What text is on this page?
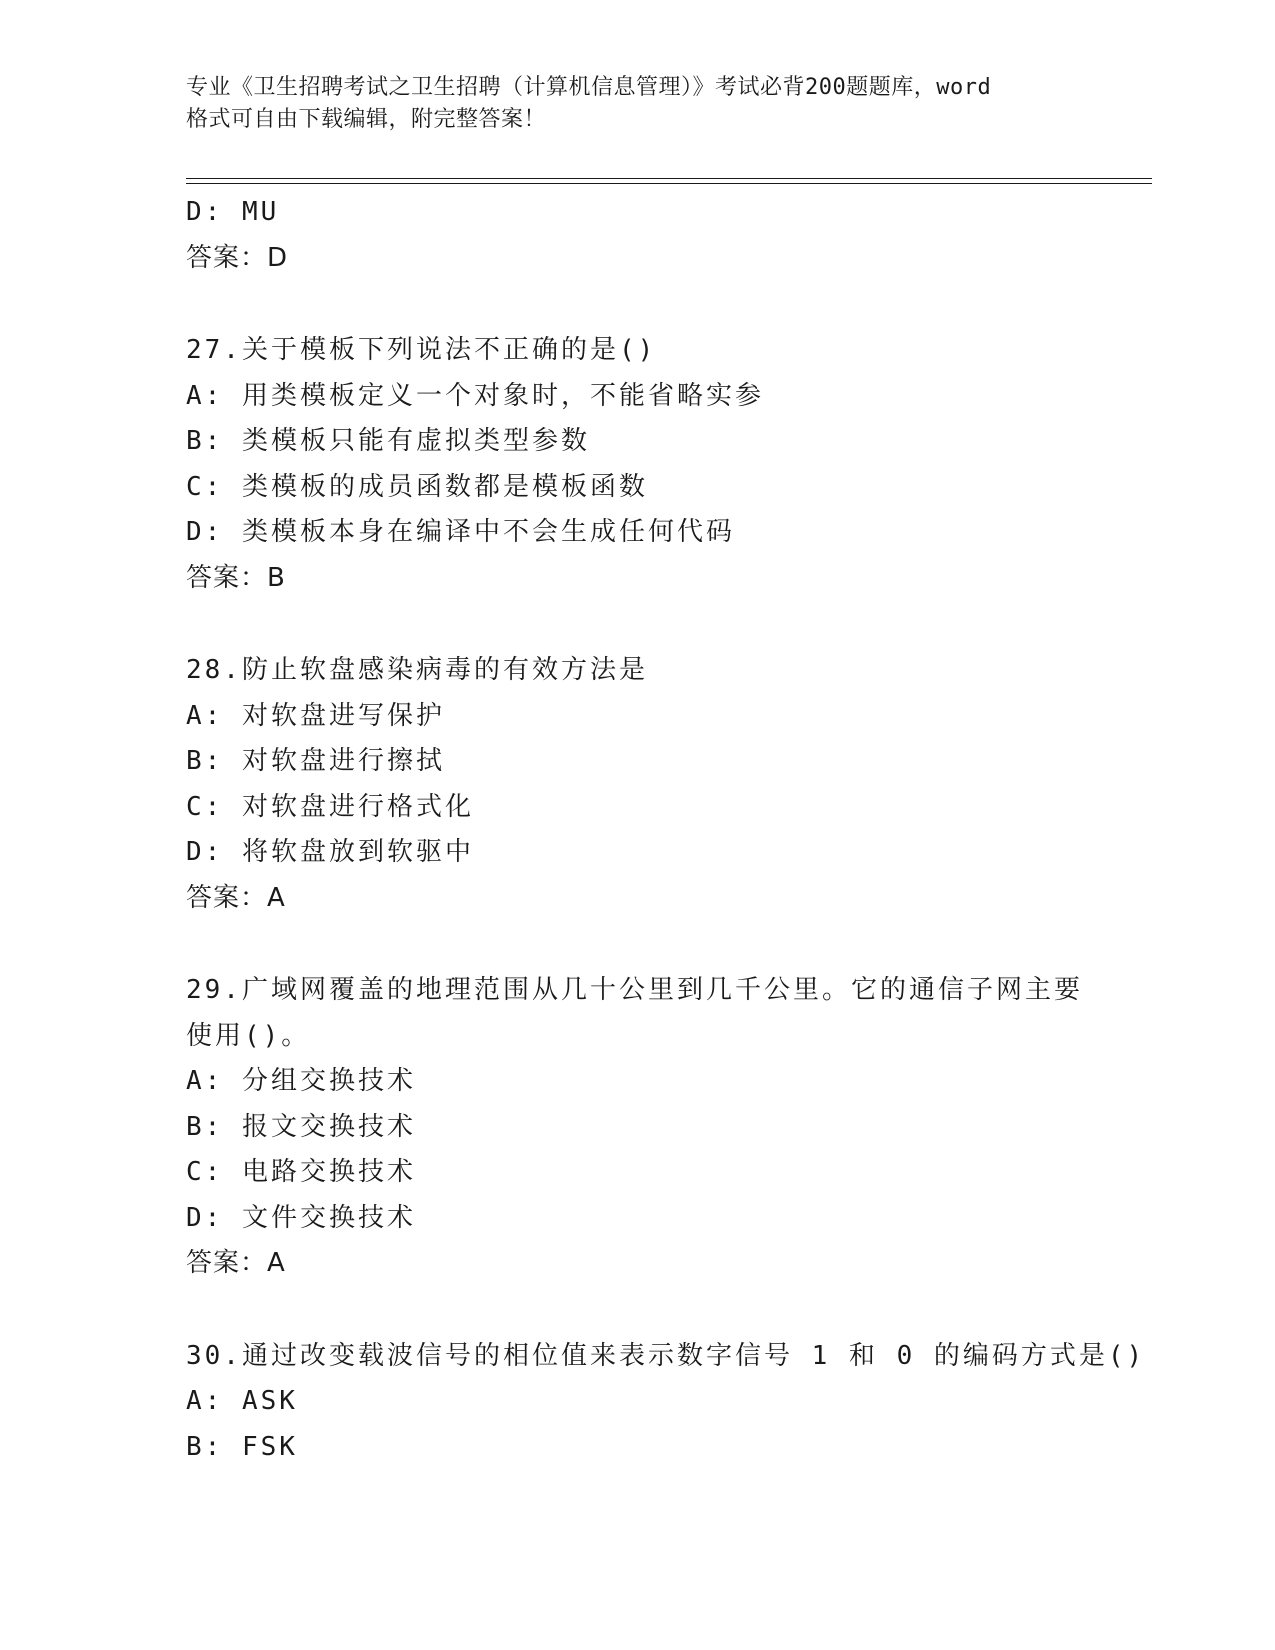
专业《卫生招聘考试之卫生招聘（计算机信息管理）》考试必背200题题库，word
格式可自由下载编辑，附完整答案！
D: MU
答案：D
27.关于模板下列说法不正确的是()
A: 用类模板定义一个对象时，不能省略实参
B: 类模板只能有虚拟类型参数
C: 类模板的成员函数都是模板函数
D: 类模板本身在编译中不会生成任何代码
答案：B
28.防止软盘感染病毒的有效方法是
A: 对软盘进写保护
B: 对软盘进行擦拭
C: 对软盘进行格式化
D: 将软盘放到软驱中
答案：A
29.广域网覆盖的地理范围从几十公里到几千公里。它的通信子网主要
使用()。
A: 分组交换技术
B: 报文交换技术
C: 电路交换技术
D: 文件交换技术
答案：A
30.通过改变载波信号的相位值来表示数字信号 1 和 0 的编码方式是()
A: ASK
B: FSK
